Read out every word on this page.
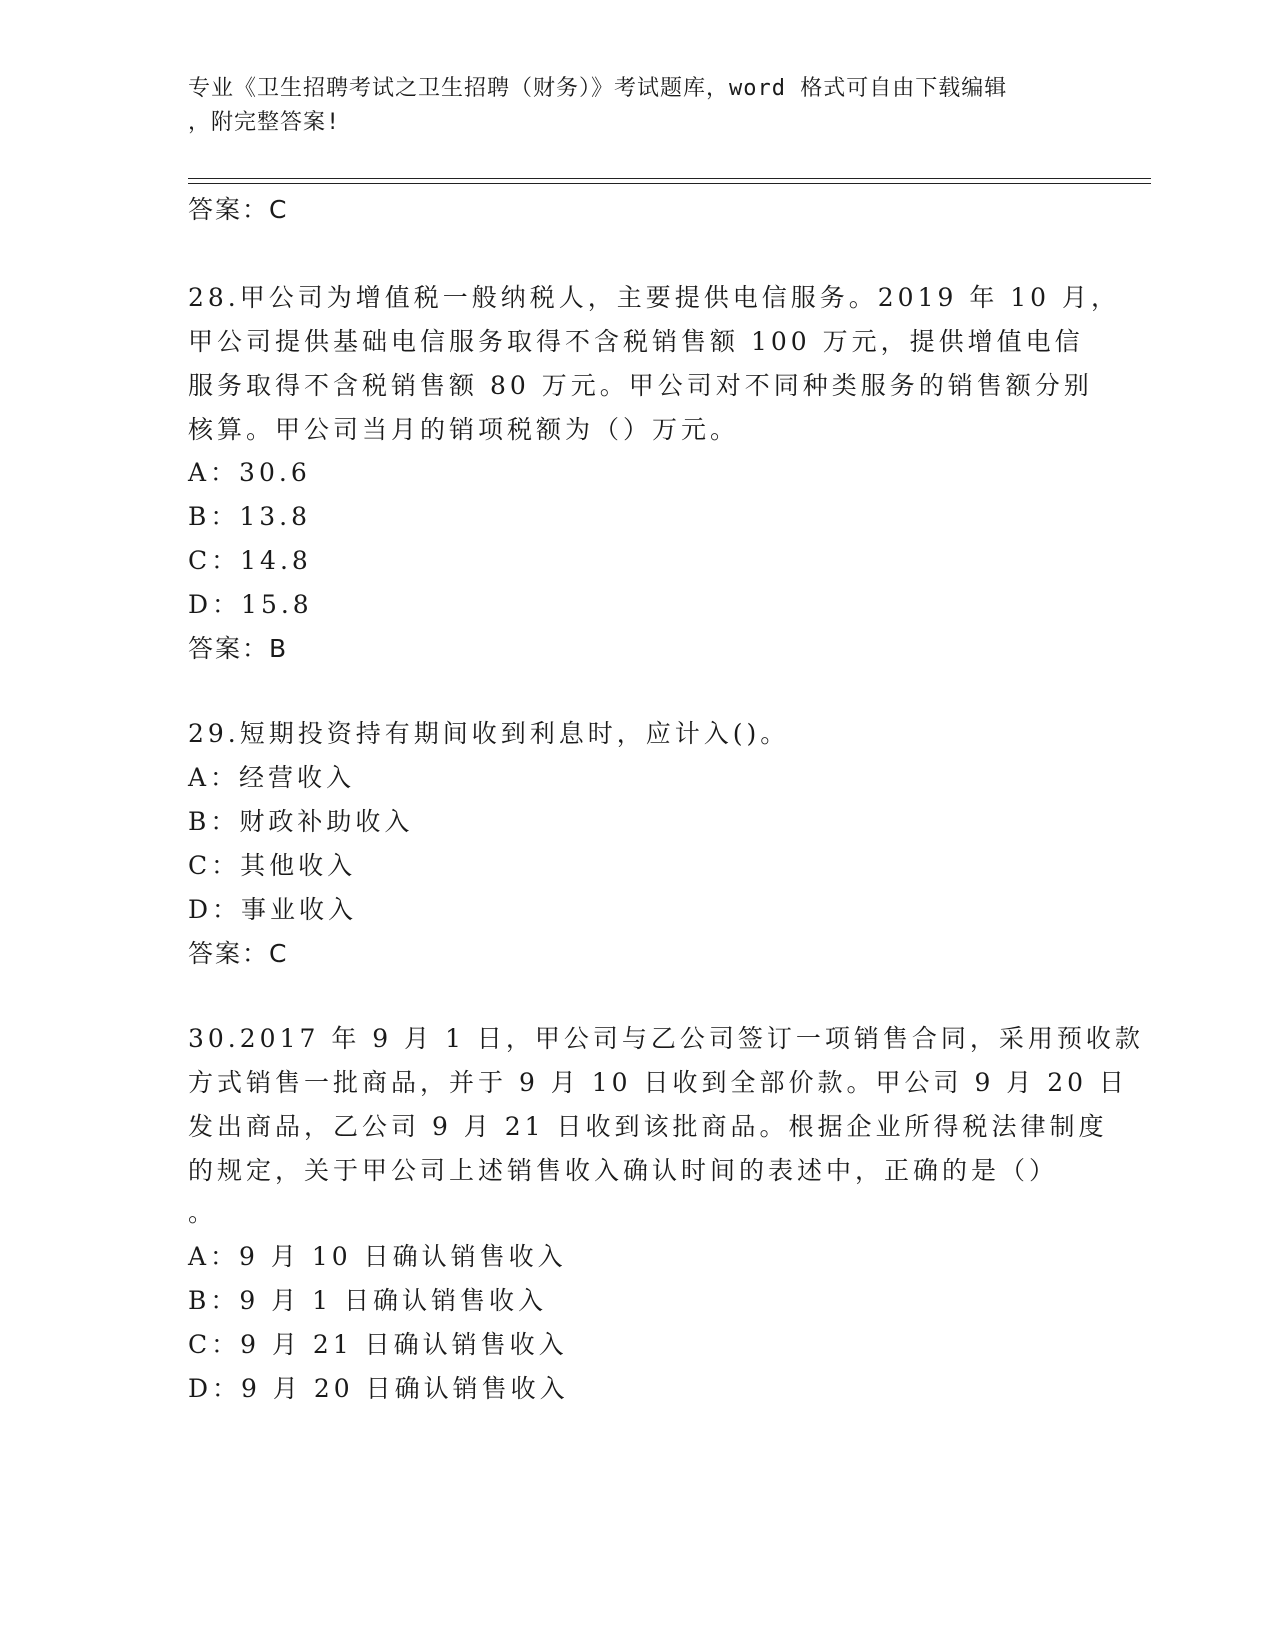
专业《卫生招聘考试之卫生招聘（财务）》考试题库，word 格式可自由下载编辑
，附完整答案!
答案：C
28.甲公司为增值税一般纳税人，主要提供电信服务。2019 年 10 月，
甲公司提供基础电信服务取得不含税销售额 100 万元，提供增值电信
服务取得不含税销售额 80 万元。甲公司对不同种类服务的销售额分别
核算。甲公司当月的销项税额为（）万元。
A：30.6
B：13.8
C：14.8
D：15.8
答案：B
29.短期投资持有期间收到利息时，应计入()。
A：经营收入
B：财政补助收入
C：其他收入
D：事业收入
答案：C
30.2017 年 9 月 1 日，甲公司与乙公司签订一项销售合同，采用预收款
方式销售一批商品，并于 9 月 10 日收到全部价款。甲公司 9 月 20 日
发出商品，乙公司 9 月 21 日收到该批商品。根据企业所得税法律制度
的规定，关于甲公司上述销售收入确认时间的表述中，正确的是（）
。
A：9 月 10 日确认销售收入
B：9 月 1 日确认销售收入
C：9 月 21 日确认销售收入
D：9 月 20 日确认销售收入
